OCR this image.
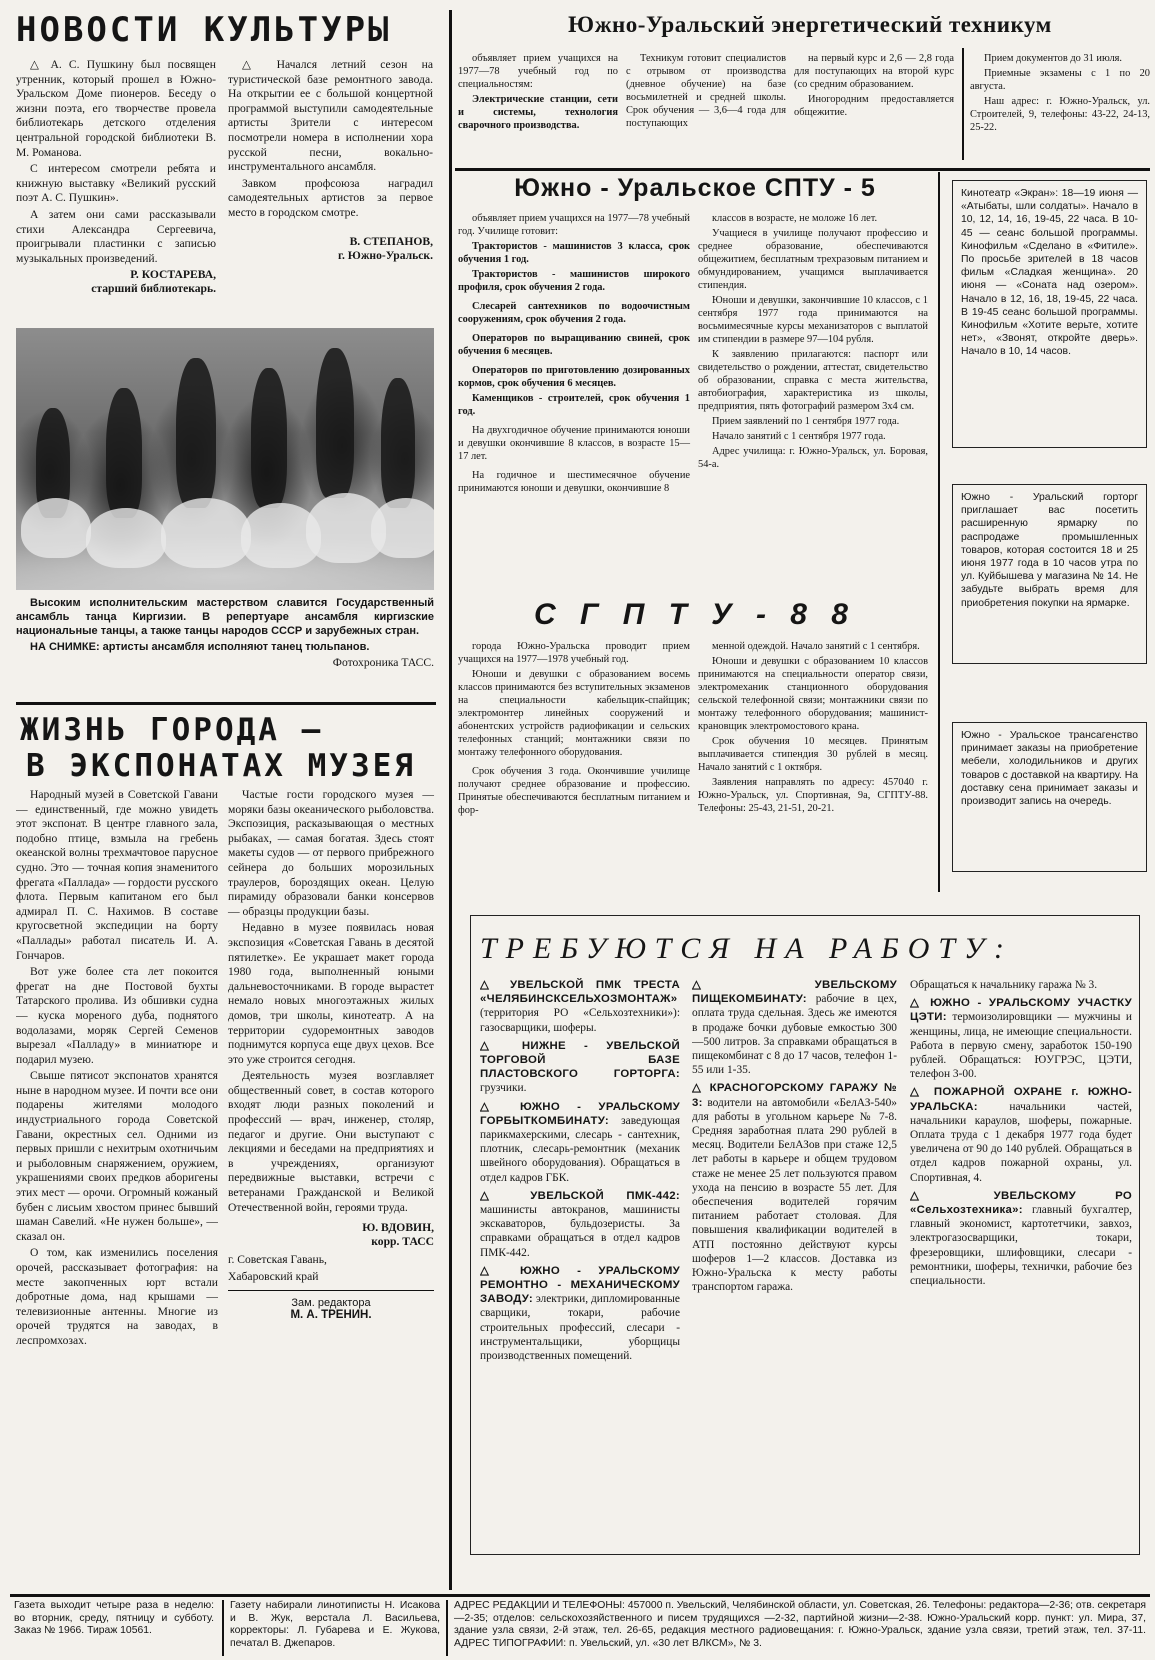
НОВОСТИ КУЛЬТУРЫ

△ А. С. Пушкину был посвящен утренник, который прошел в Южно-Уральском Доме пионеров. Беседу о жизни поэта, его творчестве провела библиотекарь детского отделения центральной городской библиотеки В. М. Романова.

С интересом смотрели ребята и книжную выставку «Великий русский поэт А. С. Пушкин».

А затем они сами рассказывали стихи Александра Сергеевича, проигрывали пластинки с записью музыкальных произведений.

Р. КОСТАРЕВА,

старший библиотекарь.

△ Начался летний сезон на туристической базе ремонтного завода. На открытии ее с большой концертной программой выступили самодеятельные артисты Зрители с интересом посмотрели номера в исполнении хора русской песни, вокально-инструментального ансамбля.

Завком профсоюза наградил самодеятельных артистов за первое место в городском смотре.

В. СТЕПАНОВ,

г. Южно-Уральск.

Высоким исполнительским мастерством славится Государственный ансамбль танца Киргизии. В репертуаре ансамбля киргизские национальные танцы, а также танцы народов СССР и зарубежных стран.

НА СНИМКЕ: артисты ансамбля исполняют танец тюльпанов.

Фотохроника ТАСС.

ЖИЗНЬ ГОРОДА —
В ЭКСПОНАТАХ МУЗЕЯ

Народный музей в Советской Гавани — единственный, где можно увидеть этот экспонат. В центре главного зала, подобно птице, взмыла на гребень океанской волны трехмачтовое парусное судно. Это — точная копия знаменитого фрегата «Паллада» — гордости русского флота. Первым капитаном его был адмирал П. С. Нахимов. В составе кругосветной экспедиции на борту «Паллады» работал писатель И. А. Гончаров.

Вот уже более ста лет покоится фрегат на дне Постовой бухты Татарского пролива. Из обшивки судна — куска мореного дуба, поднятого водолазами, моряк Сергей Семенов вырезал «Палладу» в миниатюре и подарил музею.

Свыше пятисот экспонатов хранятся ныне в народном музее. И почти все они подарены жителями молодого индустриального города Советской Гавани, окрестных сел. Одними из первых пришли с нехитрым охотничьим и рыболовным снаряжением, оружием, украшениями своих предков аборигены этих мест — орочи. Огромный кожаный бубен с лисьим хвостом принес бывший шаман Савелий. «Не нужен больше», — сказал он.

О том, как изменились поселения орочей, рассказывает фотография: на месте закопченных юрт встали добротные дома, над крышами — телевизионные антенны. Многие из орочей трудятся на заводах, в леспромхозах.

Частые гости городского музея — моряки базы океанического рыболовства. Экспозиция, расказывающая о местных рыбаках, — самая богатая. Здесь стоят макеты судов — от первого прибрежного сейнера до больших морозильных траулеров, бороздящих океан. Целую пирамиду образовали банки консервов — образцы продукции базы.

Недавно в музее появилась новая экспозиция «Советская Гавань в десятой пятилетке». Ее украшает макет города 1980 года, выполненный юными дальневосточниками. В городе вырастет немало новых многоэтажных жилых домов, три школы, кинотеатр. А на территории судоремонтных заводов поднимутся корпуса еще двух цехов. Все это уже строится сегодня.

Деятельность музея возглавляет общественный совет, в состав которого входят люди разных поколений и профессий — врач, инженер, столяр, педагог и другие. Они выступают с лекциями и беседами на предприятиях и в учреждениях, организуют передвижные выставки, встречи с ветеранами Гражданской и Великой Отечественной войн, героями труда.

Ю. ВДОВИН,

корр. ТАСС

г. Советская Гавань,

Хабаровский край

Зам. редактора

М. А. ТРЕНИН.

Южно-Уральский энергетический техникум

объявляет прием учащихся на 1977—78 учебный год по специальностям:

Электрические станции, сети и системы, технология сварочного производства.

Техникум готовит специалистов с отрывом от производства (дневное обучение) на базе восьмилетней и средней школы. Срок обучения — 3,6—4 года для поступающих

на первый курс и 2,6 — 2,8 года для поступающих на второй курс (со средним образованием.

Иногородним предоставляется общежитие.

Прием документов до 31 июля.

Приемные экзамены с 1 по 20 августа.

Наш адрес: г. Южно-Уральск, ул. Строителей, 9, телефоны: 43-22, 24-13, 25-22.

Южно - Уральское СПТУ - 5

объявляет прием учащихся на 1977—78 учебный год. Училище готовит:

Трактористов - машинистов 3 класса, срок обучения 1 год.

Трактористов - машинистов широкого профиля, срок обучения 2 года.

Слесарей сантехников по водоочистным сооружениям, срок обучения 2 года.

Операторов по выращиванию свиней, срок обучения 6 месяцев.

Операторов по приготовлению дозированных кормов, срок обучения 6 месяцев.

Каменщиков - строителей, срок обучения 1 год.

На двухгодичное обучение принимаются юноши и девушки окончившие 8 классов, в возрасте 15—17 лет.

На годичное и шестимесячное обучение принимаются юноши и девушки, окончившие 8

классов в возрасте, не моложе 16 лет.

Учащиеся в училище получают профессию и среднее образование, обеспечиваются общежитием, бесплатным трехразовым питанием и обмундированием, учащимся выплачивается стипендия.

Юноши и девушки, закончившие 10 классов, с 1 сентября 1977 года принимаются на восьмимесячные курсы механизаторов с выплатой им стипендии в размере 97—104 рубля.

К заявлению прилагаются: паспорт или свидетельство о рождении, аттестат, свидетельство об образовании, справка с места жительства, автобиография, характеристика из школы, предприятия, пять фотографий размером 3х4 см.

Прием заявлений по 1 сентября 1977 года.

Начало занятий с 1 сентября 1977 года.

Адрес училища: г. Южно-Уральск, ул. Боровая, 54-а.

С Г П Т У - 8 8

города Южно-Уральска проводит прием учащихся на 1977—1978 учебный год.

Юноши и девушки с образованием восемь классов принимаются без вступительных экзаменов на специальности кабельщик-спайщик; электромонтер линейных сооружений и абонентских устройств радиофикации и сельских телефонных станций; монтажники связи по монтажу телефонного оборудования.

Срок обучения 3 года. Окончившие училище получают среднее образование и профессию. Принятые обеспечиваются бесплатным питанием и фор-

менной одеждой. Начало занятий с 1 сентября.

Юноши и девушки с образованием 10 классов принимаются на специальности оператор связи, электромеханик станционного оборудования сельской телефонной связи; монтажники связи по монтажу телефонного оборудования; машинист-крановщик электромостового крана.

Срок обучения 10 месяцев. Принятым выплачивается стипендия 30 рублей в месяц. Начало занятий с 1 октября.

Заявления направлять по адресу: 457040 г. Южно-Уральск, ул. Спортивная, 9а, СГПТУ-88. Телефоны: 25-43, 21-51, 20-21.

Кинотеатр «Экран»: 18—19 июня — «Атыбаты, шли солдаты». Начало в 10, 12, 14, 16, 19-45, 22 часа. В 10-45 — сеанс большой программы. Кинофильм «Сделано в «Фитиле». По просьбе зрителей в 18 часов фильм «Сладкая женщина». 20 июня — «Соната над озером». Начало в 12, 16, 18, 19-45, 22 часа. В 19-45 сеанс большой программы. Кинофильм «Хотите верьте, хотите нет», «Звонят, откройте дверь». Начало в 10, 14 часов.

Южно - Уральский горторг приглашает вас посетить расширенную ярмарку по распродаже промышленных товаров, которая состоится 18 и 25 июня 1977 года в 10 часов утра по ул. Куйбышева у магазина № 14. Не забудьте выбрать время для приобретения покупки на ярмарке.

Южно - Уральское трансагенство принимает заказы на приобретение мебели, холодильников и других товаров с доставкой на квартиру. На доставку сена принимает заказы и производит запись на очередь.

ТРЕБУЮТСЯ НА РАБОТУ:
△ УВЕЛЬСКОЙ ПМК ТРЕСТА «ЧЕЛЯБИНСКСЕЛЬХОЗМОНТАЖ» (территория РО «Сельхозтехники»): газосварщики, шоферы.
△ НИЖНЕ - УВЕЛЬСКОЙ ТОРГОВОЙ БАЗЕ ПЛАСТОВСКОГО ГОРТОРГА: грузчики.
△ ЮЖНО - УРАЛЬСКОМУ ГОРБЫТКОМБИНАТУ: заведующая парикмахерскими, слесарь - сантехник, плотник, слесарь-ремонтник (механик швейного оборудования). Обращаться в отдел кадров ГБК.
△ УВЕЛЬСКОЙ ПМК-442: машинисты автокранов, машинисты экскаваторов, бульдозеристы. За справками обращаться в отдел кадров ПМК-442.
△ ЮЖНО - УРАЛЬСКОМУ РЕМОНТНО - МЕХАНИЧЕСКОМУ ЗАВОДУ: электрики, дипломированные сварщики, токари, рабочие строительных профессий, слесари - инструментальщики, уборщицы производственных помещений.
△ УВЕЛЬСКОМУ ПИЩЕКОМБИНАТУ: рабочие в цех, оплата труда сдельная. Здесь же имеются в продаже бочки дубовые емкостью 300—500 литров. За справками обращаться в пищекомбинат с 8 до 17 часов, телефон 1-55 или 1-35.
△ КРАСНОГОРСКОМУ ГАРАЖУ № 3: водители на автомобили «БелАЗ-540» для работы в угольном карьере № 7-8. Средняя заработная плата 290 рублей в месяц. Водители БелАЗов при стаже 12,5 лет работы в карьере и общем трудовом стаже не менее 25 лет пользуются правом ухода на пенсию в возрасте 55 лет. Для обеспечения водителей горячим питанием работает столовая. Для повышения квалификации водителей в АТП постоянно действуют курсы шоферов 1—2 классов. Доставка из Южно-Уральска к месту работы транспортом гаража.
Обращаться к начальнику гаража № 3.
△ ЮЖНО - УРАЛЬСКОМУ УЧАСТКУ ЦЭТИ: термоизолировщики — мужчины и женщины, лица, не имеющие специальности. Работа в первую смену, заработок 150-190 рублей. Обращаться: ЮУГРЭС, ЦЭТИ, телефон 3-00.
△ ПОЖАРНОЙ ОХРАНЕ г. ЮЖНО-УРАЛЬСКА:	начальники частей, начальники караулов, шоферы, пожарные. Оплата труда с 1 декабря 1977 года будет увеличена от 90 до 140 рублей. Обращаться в отдел кадров пожарной охраны, ул. Спортивная, 4.
△ УВЕЛЬСКОМУ РО «Сельхозтехника»: главный бухгалтер, главный экономист, картотетчики, завхоз, электрогазосварщики, токари, фрезеровщики, шлифовщики, слесари - ремонтники, шоферы, технички, рабочие без специальности.
Газета выходит четыре раза в неделю: во вторник, среду, пятницу и субботу. Заказ № 1966. Тираж 10561.
Газету набирали линотиписты Н. Исакова и В. Жук, верстала Л. Васильева, корректоры: Л. Губарева и Е. Жукова, печатал В. Джепаров.
АДРЕС РЕДАКЦИИ И ТЕЛЕФОНЫ: 457000 п. Увельский, Челябинской области, ул. Советская, 26. Телефоны: редактора—2-36; отв. секретаря—2-35; отделов: сельскохозяйственного и писем трудящихся —2-32, партийной жизни—2-38. Южно-Уральский корр. пункт: ул. Мира, 37, здание узла связи, 2-й этаж, тел. 26-65, редакция местного радиовещания: г. Южно-Уральск, здание узла связи, третий этаж, тел. 37-11. АДРЕС ТИПОГРАФИИ: п. Увельский, ул. «30 лет ВЛКСМ», № 3.
